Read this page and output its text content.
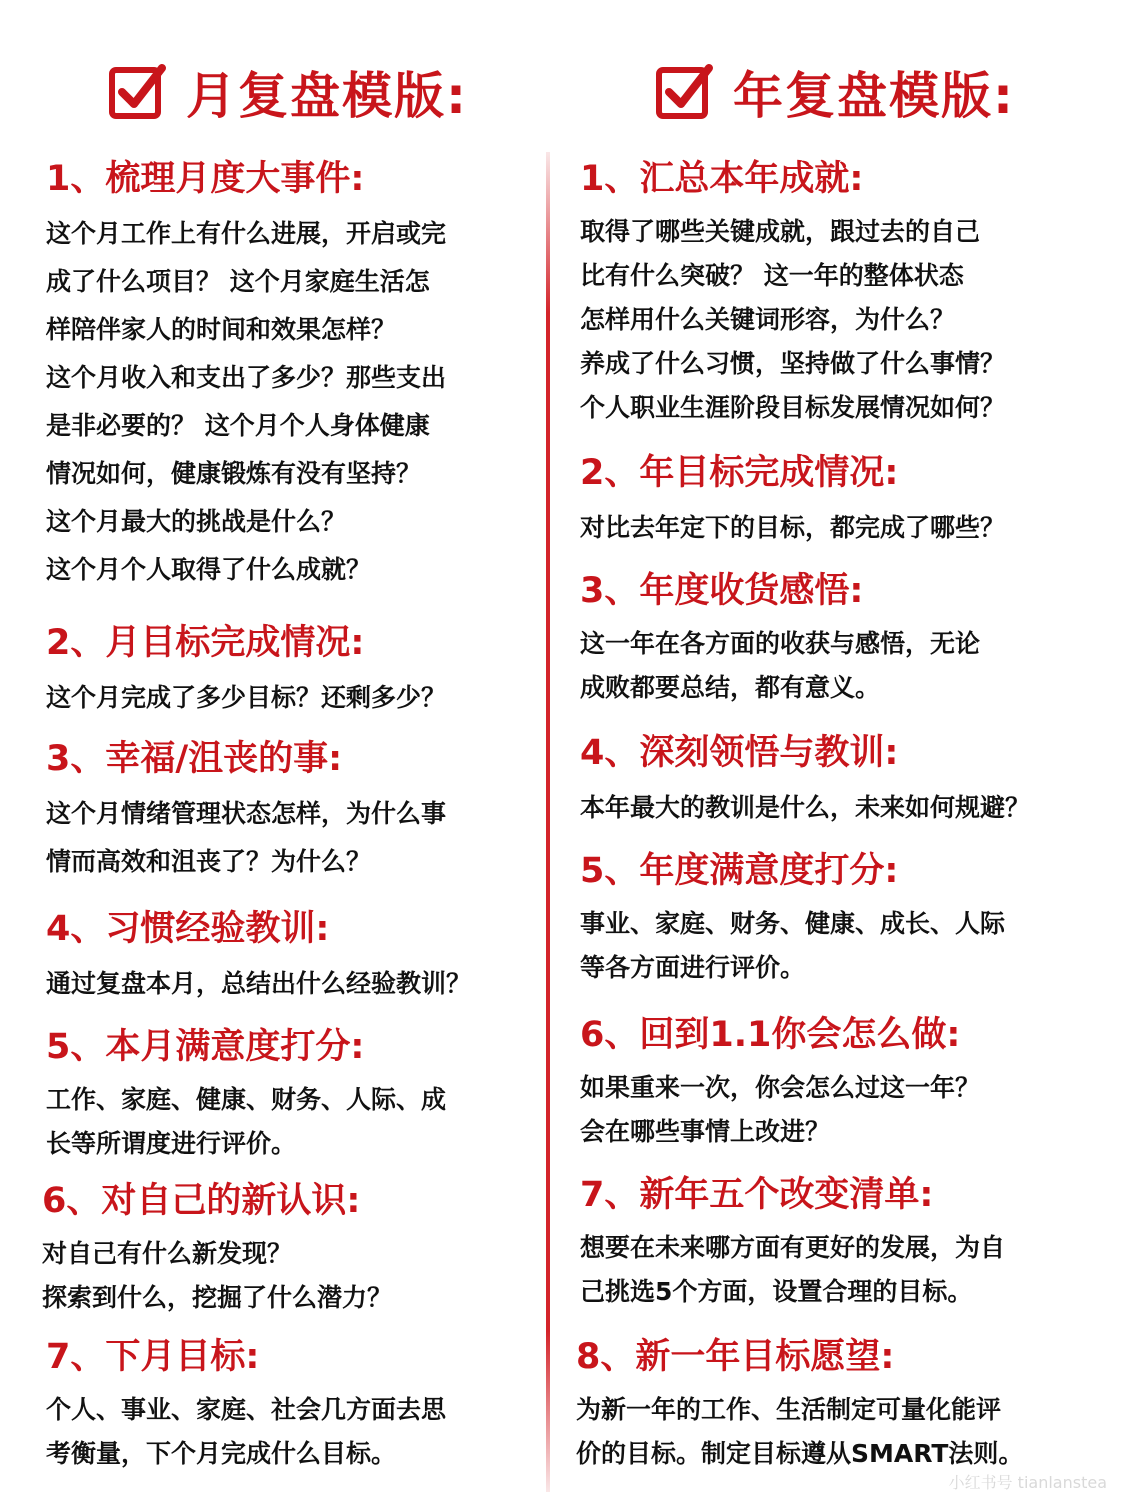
月复盘模版:
1、梳理月度大事件:
这个月工作上有什么进展，开启或完
成了什么项目？ 这个月家庭生活怎
样陪伴家人的时间和效果怎样？
这个月收入和支出了多少？那些支出
是非必要的？ 这个月个人身体健康
情况如何，健康锻炼有没有坚持？
这个月最大的挑战是什么？
这个月个人取得了什么成就？
2、月目标完成情况:
这个月完成了多少目标？还剩多少？
3、幸福/沮丧的事:
这个月情绪管理状态怎样，为什么事
情而高效和沮丧了？为什么？
4、习惯经验教训:
通过复盘本月，总结出什么经验教训？
5、本月满意度打分:
工作、家庭、健康、财务、人际、成
长等所谓度进行评价。
6、对自己的新认识:
对自己有什么新发现？
探索到什么，挖掘了什么潜力？
7、下月目标:
个人、事业、家庭、社会几方面去思
考衡量，下个月完成什么目标。
年复盘模版:
1、汇总本年成就:
取得了哪些关键成就，跟过去的自己
比有什么突破？ 这一年的整体状态
怎样用什么关键词形容，为什么？
养成了什么习惯，坚持做了什么事情？
个人职业生涯阶段目标发展情况如何？
2、年目标完成情况:
对比去年定下的目标，都完成了哪些？
3、年度收货感悟:
这一年在各方面的收获与感悟，无论
成败都要总结，都有意义。
4、深刻领悟与教训:
本年最大的教训是什么，未来如何规避？
5、年度满意度打分:
事业、家庭、财务、健康、成长、人际
等各方面进行评价。
6、回到1.1你会怎么做:
如果重来一次，你会怎么过这一年？
会在哪些事情上改进？
7、新年五个改变清单:
想要在未来哪方面有更好的发展，为自
己挑选5个方面，设置合理的目标。
8、新一年目标愿望:
为新一年的工作、生活制定可量化能评
价的目标。制定目标遵从SMART法则。
小红书号 tianlanstea
